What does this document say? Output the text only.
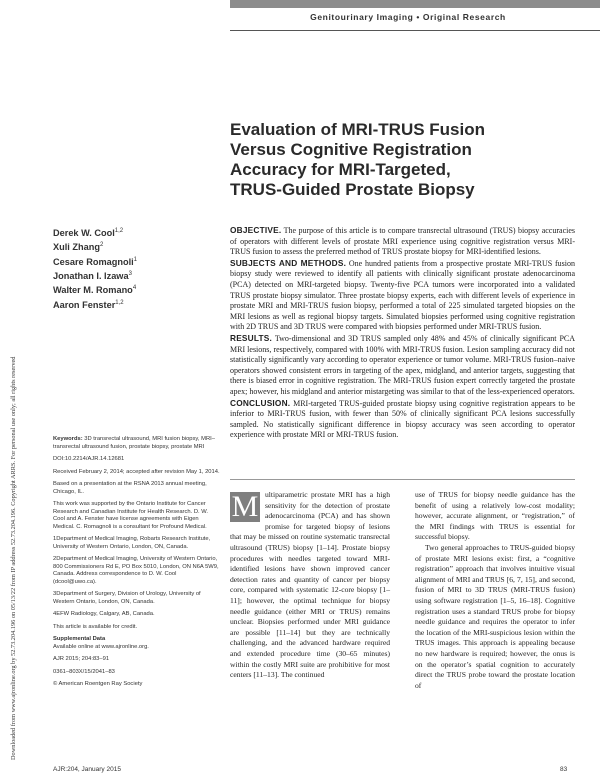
Genitourinary Imaging • Original Research
Downloaded from www.ajronline.org by 52.73.204.196 on 05/13/22 from IP address 52.73.204.196. Copyright ARRS. For personal use only; all rights reserved
Evaluation of MRI-TRUS Fusion
Versus Cognitive Registration
Accuracy for MRI-Targeted,
TRUS-Guided Prostate Biopsy
Derek W. Cool$^{1,2}$
Xuli Zhang$^2$
Cesare Romagnoli$^1$
Jonathan I. Izawa$^3$
Walter M. Romano$^4$
Aaron Fenster$^{1,2}$

OBJECTIVE. The purpose of this article is to compare transrectal ultrasound (TRUS) biopsy accuracies of operators with different levels of prostate MRI experience using cognitive registration versus MRI-TRUS fusion to assess the preferred method of TRUS prostate biopsy for MRI-identified lesions.

SUBJECTS AND METHODS. One hundred patients from a prospective prostate MRI-TRUS fusion biopsy study were reviewed to identify all patients with clinically significant prostate adenocarcinoma (PCA) detected on MRI-targeted biopsy. Twenty-five PCA tumors were incorporated into a validated TRUS prostate biopsy simulator. Three prostate biopsy experts, each with different levels of experience in prostate MRI and MRI-TRUS fusion biopsy, performed a total of 225 simulated targeted biopsies on the MRI lesions as well as regional biopsy targets. Simulated biopsies performed using cognitive registration with 2D TRUS and 3D TRUS were compared with biopsies performed under MRI-TRUS fusion.

RESULTS. Two-dimensional and 3D TRUS sampled only 48% and 45% of clinically significant PCA MRI lesions, respectively, compared with 100% with MRI-TRUS fusion. Lesion sampling accuracy did not statistically significantly vary according to operator experience or tumor volume. MRI-TRUS fusion–naive operators showed consistent errors in targeting of the apex, midgland, and anterior targets, suggesting that there is biased error in cognitive registration. The MRI-TRUS fusion expert correctly targeted the prostate apex; however, his midgland and anterior mistargeting was similar to that of the less-experienced operators.

CONCLUSION. MRI-targeted TRUS-guided prostate biopsy using cognitive registration appears to be inferior to MRI-TRUS fusion, with fewer than 50% of clinically significant PCA lesions successfully sampled. No statistically significant difference in biopsy accuracy was seen according to operator experience with prostate MRI or MRI-TRUS fusion.

Keywords: 3D transrectal ultrasound, MRI fusion biopsy, MRI–transrectal ultrasound fusion, prostate biopsy, prostate MRI

DOI:10.2214/AJR.14.12681

Received February 2, 2014; accepted after revision May 1, 2014.

Based on a presentation at the RSNA 2013 annual meeting, Chicago, IL.

This work was supported by the Ontario Institute for Cancer Research and Canadian Institute for Health Research. D. W. Cool and A. Fenster have license agreements with Eigen Medical. C. Romagnoli is a consultant for Profound Medical.

1Department of Medical Imaging, Robarts Research Institute, University of Western Ontario, London, ON, Canada.

2Department of Medical Imaging, University of Western Ontario, 800 Commissioners Rd E, PO Box 5010, London, ON N6A 5W9, Canada. Address correspondence to D. W. Cool (dcool@uwo.ca).

3Department of Surgery, Division of Urology, University of Western Ontario, London, ON, Canada.

4EFW Radiology, Calgary, AB, Canada.

This article is available for credit.

Supplemental Data

Available online at www.ajronline.org.

AJR 2015; 204:83–91

0361–803X/15/2041–83

© American Roentgen Ray Society

M ultiparametric prostate MRI has a high sensitivity for the detection of prostate adenocarcinoma (PCA) and has shown promise for targeted biopsy of lesions that may be missed on routine systematic transrectal ultrasound (TRUS) biopsy [1–14]. Prostate biopsy procedures with needles targeted toward MRI-identified lesions have shown improved cancer detection rates and quantity of cancer per biopsy core, compared with systematic 12-core biopsy [1–11]; however, the optimal technique for biopsy needle guidance (either MRI or TRUS) remains unclear. Biopsies performed under MRI guidance are possible [11–14] but they are technically challenging, and the advanced hardware required and extended procedure time (30–65 minutes) within the costly MRI suite are prohibitive for most centers [11–13]. The continued

use of TRUS for biopsy needle guidance has the benefit of using a relatively low-cost modality; however, accurate alignment, or “registration,” of the MRI findings with TRUS is essential for successful biopsy.

Two general approaches to TRUS-guided biopsy of prostate MRI lesions exist: first, a “cognitive registration” approach that involves intuitive visual alignment of MRI and TRUS [6, 7, 15], and second, fusion of MRI to 3D TRUS (MRI-TRUS fusion) using software registration [1–5, 16–18]. Cognitive registration uses a standard TRUS probe for biopsy needle guidance and requires the operator to infer the location of the MRI-suspicious lesion within the TRUS images. This approach is appealing because no new hardware is required; however, the onus is on the operator’s spatial cognition to accurately direct the TRUS probe toward the prostate location of

AJR:204, January 2015	83
